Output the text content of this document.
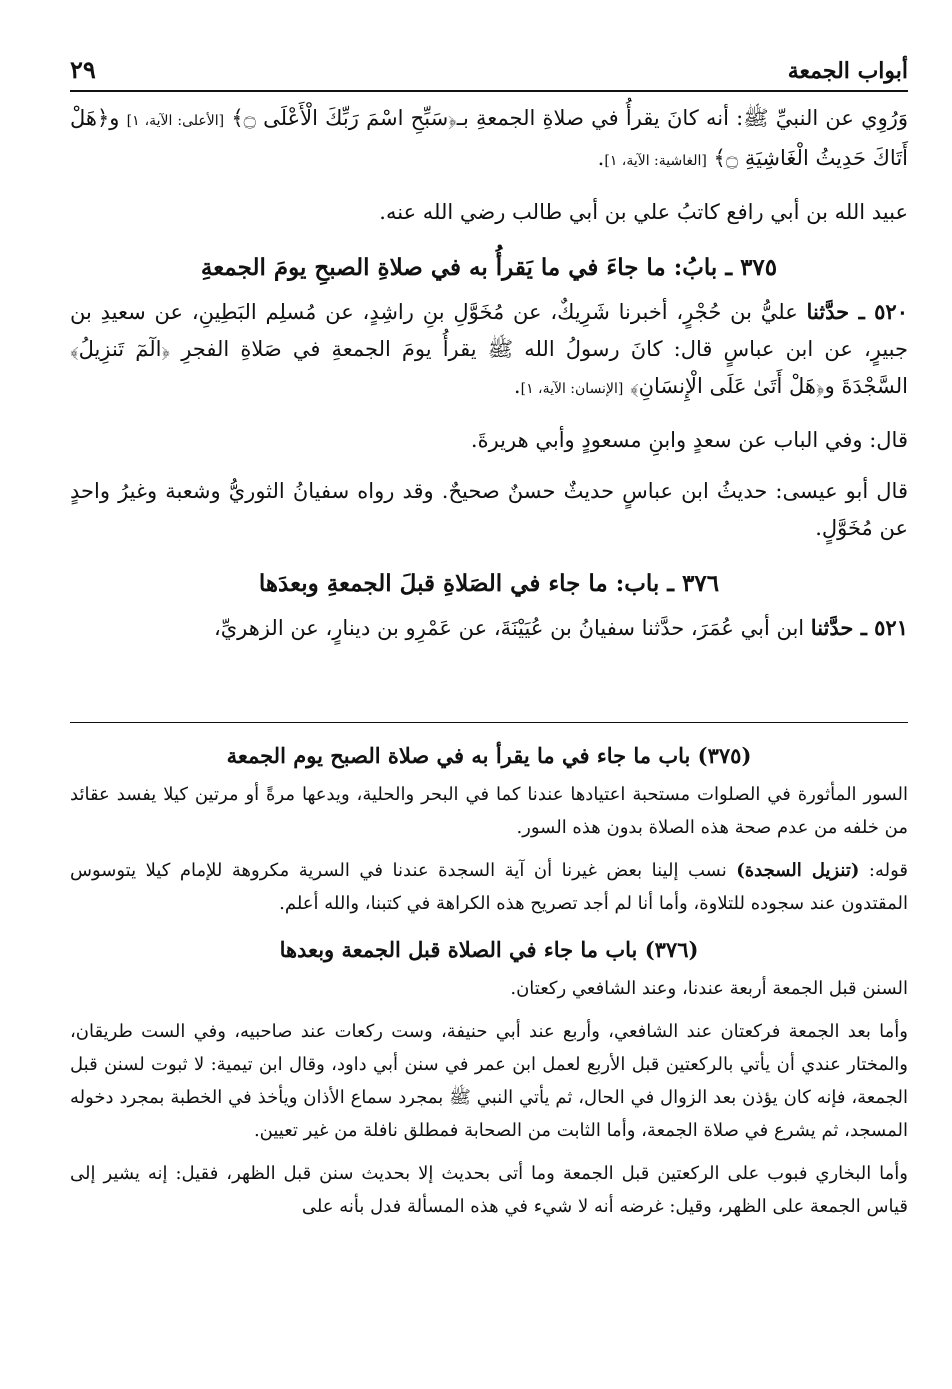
أبواب الجمعة
٢٩

وَرُوِي عن النبيِّ ﷺ: أنه كانَ يقرأُ في صلاةِ الجمعةِ بـ﴿سَبِّحِ اسْمَ رَبِّكَ الْأَعْلَى ۝﴾ [الأعلى: الآية، ١] و﴿هَلْ أَتَاكَ حَدِيثُ الْغَاشِيَةِ ۝﴾ [الغاشية: الآية، ١].

عبيد الله بن أبي رافع كاتبُ علي بن أبي طالب رضي الله عنه.

٣٧٥ ـ بابُ: ما جاءَ في ما يَقرأُ به في صلاةِ الصبحِ يومَ الجمعةِ

٥٢٠ ـ حدَّثنا عليُّ بن حُجْرٍ، أخبرنا شَرِيكٌ، عن مُخَوَّلِ بنِ راشِدٍ، عن مُسلِم البَطِينِ، عن سعيدِ بن جبيرٍ، عن ابن عباسٍ قال: كانَ رسولُ الله ﷺ يقرأُ يومَ الجمعةِ في صَلاةِ الفجرِ ﴿الٓمٓ تَنزِيلُ﴾ السَّجْدَةَ و﴿هَلْ أَتَىٰ عَلَى الْإِنسَانِ﴾ [الإنسان: الآية، ١].

قال: وفي الباب عن سعدٍ وابنِ مسعودٍ وأبي هريرةَ.

قال أبو عيسى: حديثُ ابن عباسٍ حديثٌ حسنٌ صحيحٌ. وقد رواه سفيانُ الثوريُّ وشعبة وغيرُ واحدٍ عن مُخَوَّلٍ.

٣٧٦ ـ باب: ما جاء في الصَلاةِ قبلَ الجمعةِ وبعدَها

٥٢١ ـ حدَّثنا ابن أبي عُمَرَ، حدَّثنا سفيانُ بن عُيَيْنَةَ، عن عَمْرِو بن دينارٍ، عن الزهريِّ،

(٣٧٥) باب ما جاء في ما يقرأ به في صلاة الصبح يوم الجمعة

السور المأثورة في الصلوات مستحبة اعتيادها عندنا كما في البحر والحلية، ويدعها مرةً أو مرتين كيلا يفسد عقائد من خلفه من عدم صحة هذه الصلاة بدون هذه السور.

قوله: (تنزيل السجدة) نسب إلينا بعض غيرنا أن آية السجدة عندنا في السرية مكروهة للإمام كيلا يتوسوس المقتدون عند سجوده للتلاوة، وأما أنا لم أجد تصريح هذه الكراهة في كتبنا، والله أعلم.

(٣٧٦) باب ما جاء في الصلاة قبل الجمعة وبعدها

السنن قبل الجمعة أربعة عندنا، وعند الشافعي ركعتان.

وأما بعد الجمعة فركعتان عند الشافعي، وأربع عند أبي حنيفة، وست ركعات عند صاحبيه، وفي الست طريقان، والمختار عندي أن يأتي بالركعتين قبل الأربع لعمل ابن عمر في سنن أبي داود، وقال ابن تيمية: لا ثبوت لسنن قبل الجمعة، فإنه كان يؤذن بعد الزوال في الحال، ثم يأتي النبي ﷺ بمجرد سماع الأذان ويأخذ في الخطبة بمجرد دخوله المسجد، ثم يشرع في صلاة الجمعة، وأما الثابت من الصحابة فمطلق نافلة من غير تعيين.

وأما البخاري فبوب على الركعتين قبل الجمعة وما أتى بحديث إلا بحديث سنن قبل الظهر، فقيل: إنه يشير إلى قياس الجمعة على الظهر، وقيل: غرضه أنه لا شيء في هذه المسألة فدل بأنه على
